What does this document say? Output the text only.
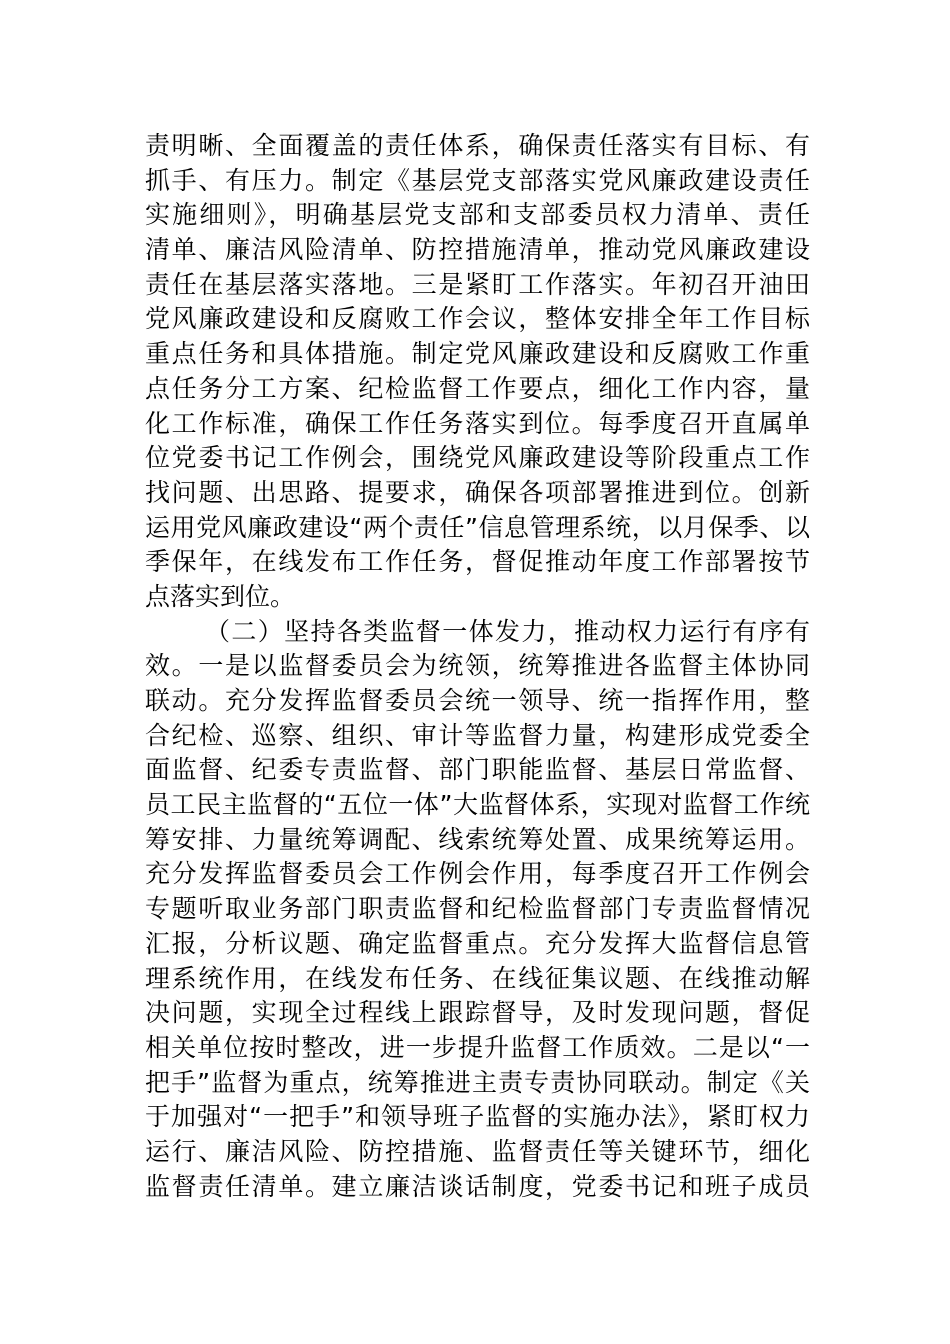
责明晰、全面覆盖的责任体系，确保责任落实有目标、有
抓手、有压力。制定《基层党支部落实党风廉政建设责任
实施细则》，明确基层党支部和支部委员权力清单、责任
清单、廉洁风险清单、防控措施清单，推动党风廉政建设
责任在基层落实落地。三是紧盯工作落实。年初召开油田
党风廉政建设和反腐败工作会议，整体安排全年工作目标
重点任务和具体措施。制定党风廉政建设和反腐败工作重
点任务分工方案、纪检监督工作要点，细化工作内容，量
化工作标准，确保工作任务落实到位。每季度召开直属单
位党委书记工作例会，围绕党风廉政建设等阶段重点工作
找问题、出思路、提要求，确保各项部署推进到位。创新
运用党风廉政建设“两个责任”信息管理系统，以月保季、以
季保年，在线发布工作任务，督促推动年度工作部署按节
点落实到位。
（二）坚持各类监督一体发力，推动权力运行有序有
效。一是以监督委员会为统领，统筹推进各监督主体协同
联动。充分发挥监督委员会统一领导、统一指挥作用，整
合纪检、巡察、组织、审计等监督力量，构建形成党委全
面监督、纪委专责监督、部门职能监督、基层日常监督、
员工民主监督的“五位一体”大监督体系，实现对监督工作统
筹安排、力量统筹调配、线索统筹处置、成果统筹运用。
充分发挥监督委员会工作例会作用，每季度召开工作例会
专题听取业务部门职责监督和纪检监督部门专责监督情况
汇报，分析议题、确定监督重点。充分发挥大监督信息管
理系统作用，在线发布任务、在线征集议题、在线推动解
决问题，实现全过程线上跟踪督导，及时发现问题，督促
相关单位按时整改，进一步提升监督工作质效。二是以“一
把手”监督为重点，统筹推进主责专责协同联动。制定《关
于加强对“一把手”和领导班子监督的实施办法》，紧盯权力
运行、廉洁风险、防控措施、监督责任等关键环节，细化
监督责任清单。建立廉洁谈话制度，党委书记和班子成员
